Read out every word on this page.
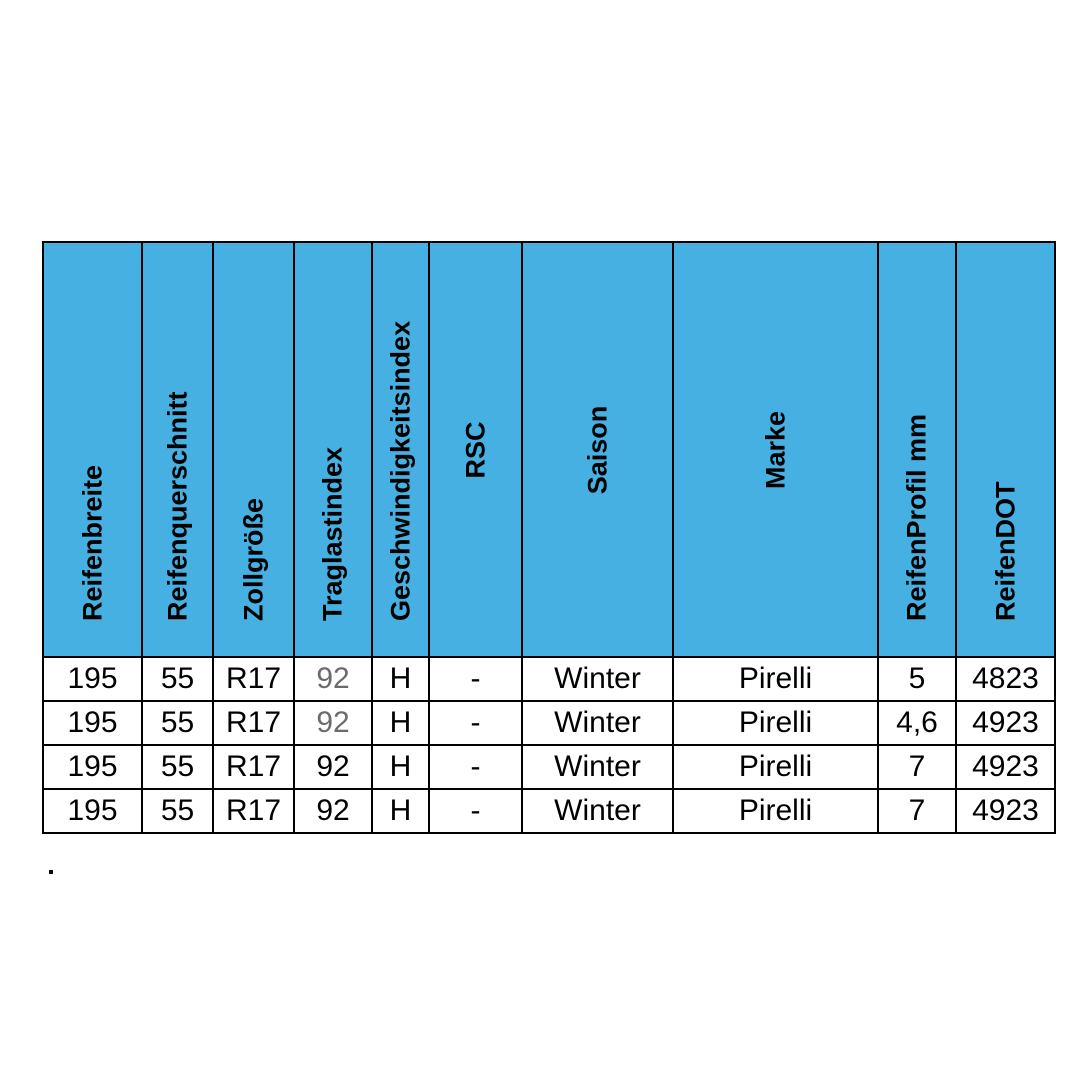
Reifenbreite	Reifenquerschnitt	Zollgröße	Traglastindex	Geschwindigkeitsindex	RSC	Saison	Marke	ReifenProfil mm	ReifenDOT

195	55	R17	92	H	-	Winter	Pirelli	5	4823
195	55	R17	92	H	-	Winter	Pirelli	4,6	4923
195	55	R17	92	H	-	Winter	Pirelli	7	4923
195	55	R17	92	H	-	Winter	Pirelli	7	4923
